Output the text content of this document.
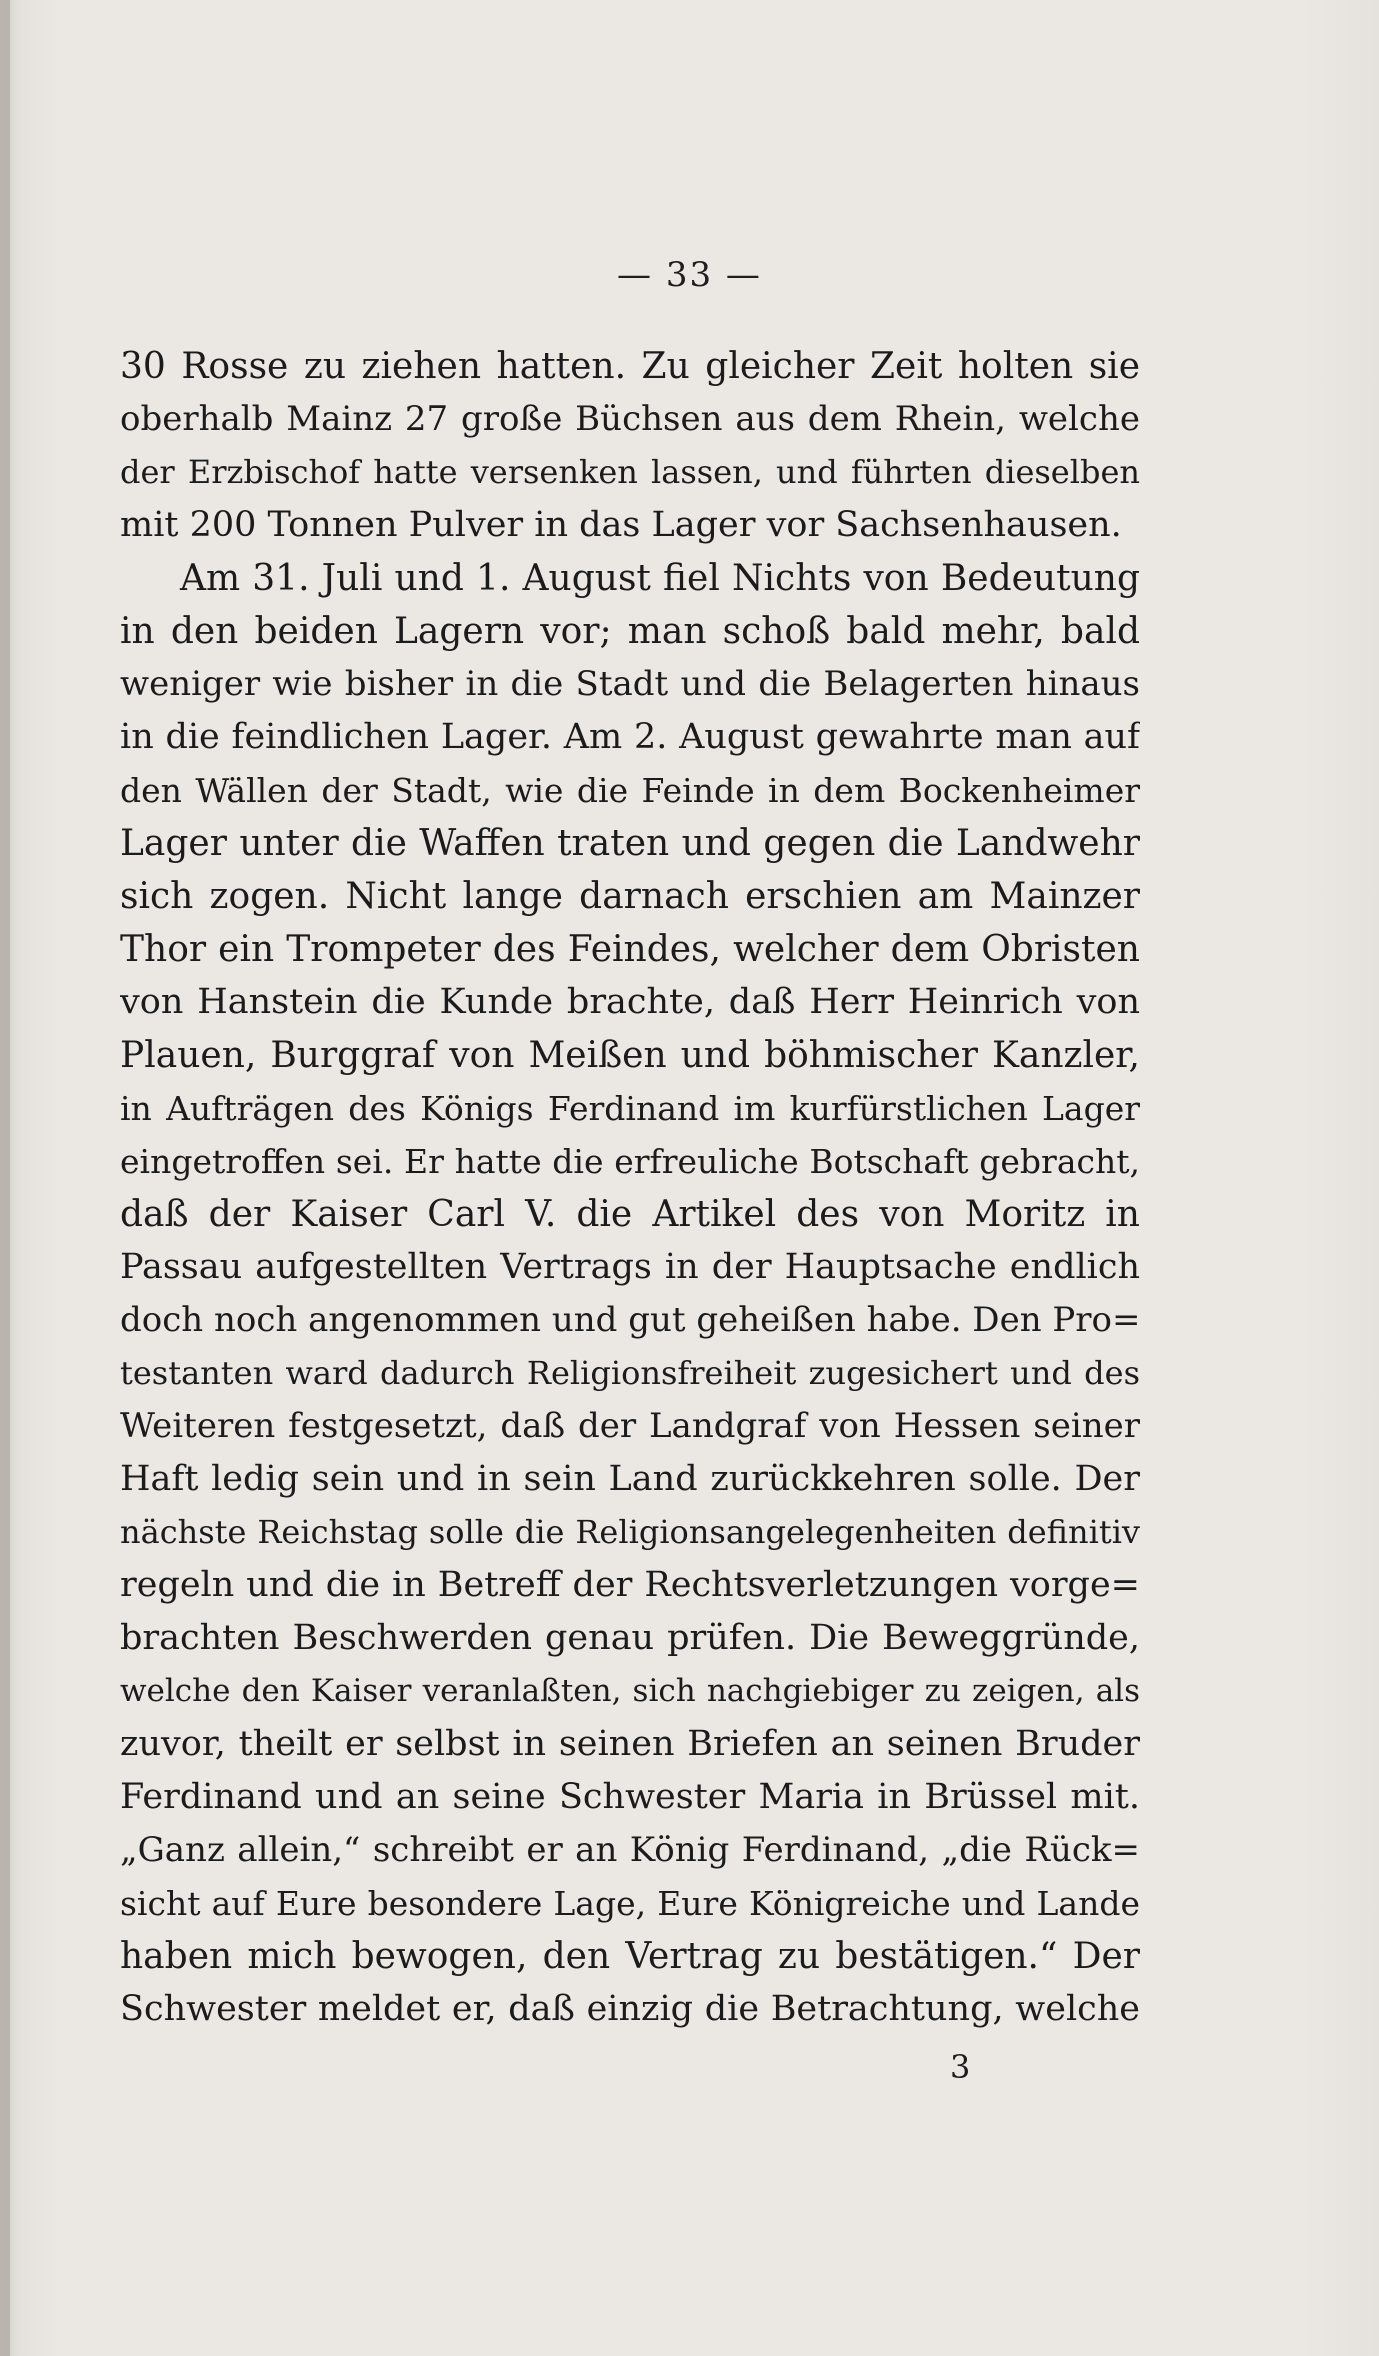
— 33 —
30 Rosse zu ziehen hatten. Zu gleicher Zeit holten sie
oberhalb Mainz 27 große Büchsen aus dem Rhein, welche
der Erzbischof hatte versenken lassen, und führten dieselben
mit 200 Tonnen Pulver in das Lager vor Sachsenhausen.
Am 31. Juli und 1. August fiel Nichts von Bedeutung
in den beiden Lagern vor; man schoß bald mehr, bald
weniger wie bisher in die Stadt und die Belagerten hinaus
in die feindlichen Lager. Am 2. August gewahrte man auf
den Wällen der Stadt, wie die Feinde in dem Bockenheimer
Lager unter die Waffen traten und gegen die Landwehr
sich zogen. Nicht lange darnach erschien am Mainzer
Thor ein Trompeter des Feindes, welcher dem Obristen
von Hanstein die Kunde brachte, daß Herr Heinrich von
Plauen, Burggraf von Meißen und böhmischer Kanzler,
in Aufträgen des Königs Ferdinand im kurfürstlichen Lager
eingetroffen sei. Er hatte die erfreuliche Botschaft gebracht,
daß der Kaiser Carl V. die Artikel des von Moritz in
Passau aufgestellten Vertrags in der Hauptsache endlich
doch noch angenommen und gut geheißen habe. Den Pro=
testanten ward dadurch Religionsfreiheit zugesichert und des
Weiteren festgesetzt, daß der Landgraf von Hessen seiner
Haft ledig sein und in sein Land zurückkehren solle. Der
nächste Reichstag solle die Religionsangelegenheiten definitiv
regeln und die in Betreff der Rechtsverletzungen vorge=
brachten Beschwerden genau prüfen. Die Beweggründe,
welche den Kaiser veranlaßten, sich nachgiebiger zu zeigen, als
zuvor, theilt er selbst in seinen Briefen an seinen Bruder
Ferdinand und an seine Schwester Maria in Brüssel mit.
„Ganz allein,“ schreibt er an König Ferdinand, „die Rück=
sicht auf Eure besondere Lage, Eure Königreiche und Lande
haben mich bewogen, den Vertrag zu bestätigen.“ Der
Schwester meldet er, daß einzig die Betrachtung, welche
3
